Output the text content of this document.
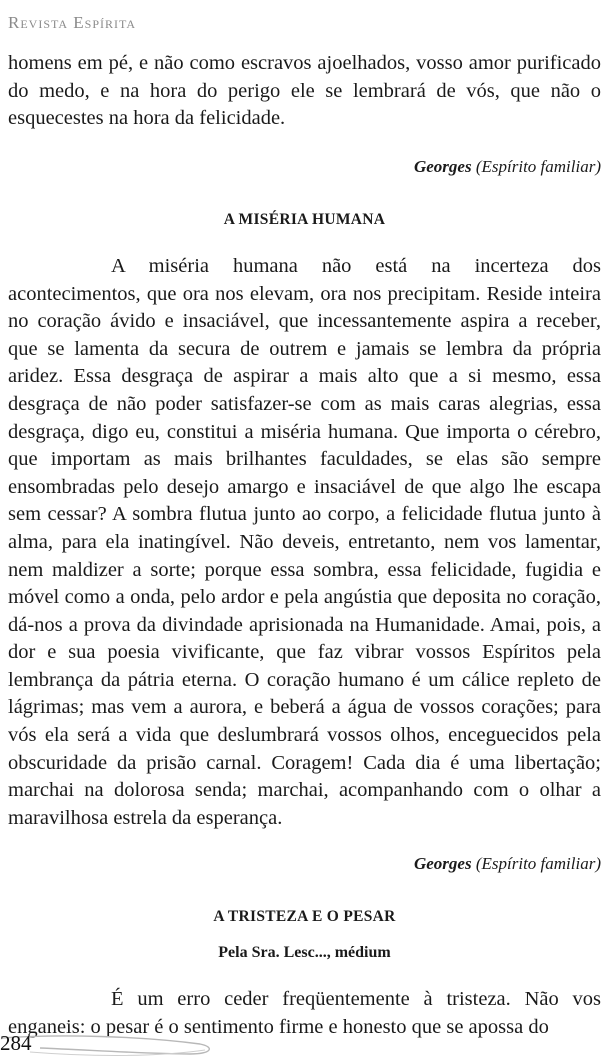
Revista Espírita

homens em pé, e não como escravos ajoelhados, vosso amor purificado do medo, e na hora do perigo ele se lembrará de vós, que não o esquecestes na hora da felicidade.

Georges (Espírito familiar)

A MISÉRIA HUMANA

A miséria humana não está na incerteza dos acontecimentos, que ora nos elevam, ora nos precipitam. Reside inteira no coração ávido e insaciável, que incessantemente aspira a receber, que se lamenta da secura de outrem e jamais se lembra da própria aridez. Essa desgraça de aspirar a mais alto que a si mesmo, essa desgraça de não poder satisfazer-se com as mais caras alegrias, essa desgraça, digo eu, constitui a miséria humana. Que importa o cérebro, que importam as mais brilhantes faculdades, se elas são sempre ensombradas pelo desejo amargo e insaciável de que algo lhe escapa sem cessar? A sombra flutua junto ao corpo, a felicidade flutua junto à alma, para ela inatingível. Não deveis, entretanto, nem vos lamentar, nem maldizer a sorte; porque essa sombra, essa felicidade, fugidia e móvel como a onda, pelo ardor e pela angústia que deposita no coração, dá-nos a prova da divindade aprisionada na Humanidade. Amai, pois, a dor e sua poesia vivificante, que faz vibrar vossos Espíritos pela lembrança da pátria eterna. O coração humano é um cálice repleto de lágrimas; mas vem a aurora, e beberá a água de vossos corações; para vós ela será a vida que deslumbrará vossos olhos, enceguecidos pela obscuridade da prisão carnal. Coragem! Cada dia é uma libertação; marchai na dolorosa senda; marchai, acompanhando com o olhar a maravilhosa estrela da esperança.

Georges (Espírito familiar)

A TRISTEZA E O PESAR

Pela Sra. Lesc..., médium

É um erro ceder freqüentemente à tristeza. Não vos enganeis: o pesar é o sentimento firme e honesto que se apossa do

284
